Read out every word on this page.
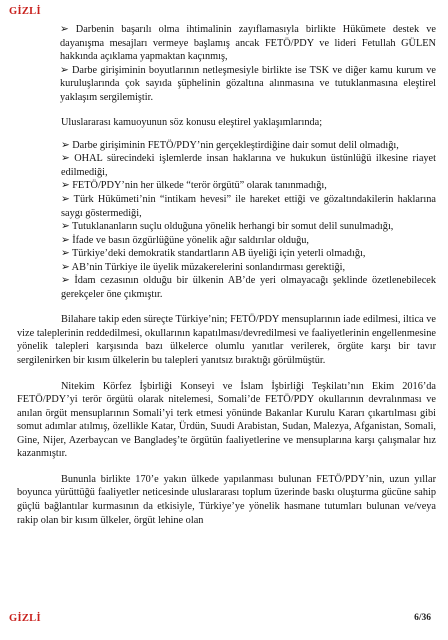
GİZLİ

➢ Darbenin başarılı olma ihtimalinin zayıflamasıyla birlikte Hükümete destek ve dayanışma mesajları vermeye başlamış ancak FETÖ/PDY ve lideri Fetullah GÜLEN hakkında açıklama yapmaktan kaçınmış,

➢ Darbe girişiminin boyutlarının netleşmesiyle birlikte ise TSK ve diğer kamu kurum ve kuruluşlarında çok sayıda şüphelinin gözaltına alınmasına ve tutuklanmasına eleştirel yaklaşım sergilemiştir.

Uluslararası kamuoyunun söz konusu eleştirel yaklaşımlarında;

➢ Darbe girişiminin FETÖ/PDY’nin gerçekleştirdiğine dair somut delil olmadığı,

➢ OHAL sürecindeki işlemlerde insan haklarına ve hukukun üstünlüğü ilkesine riayet edilmediği,

➢ FETÖ/PDY’nin her ülkede “terör örgütü” olarak tanınmadığı,

➢ Türk Hükümeti’nin “intikam hevesi” ile hareket ettiği ve gözaltındakilerin haklarına saygı göstermediği,

➢ Tutuklananların suçlu olduğuna yönelik herhangi bir somut delil sunulmadığı,

➢ İfade ve basın özgürlüğüne yönelik ağır saldırılar olduğu,

➢ Türkiye’deki demokratik standartların AB üyeliği için yeterli olmadığı,

➢ AB’nin Türkiye ile üyelik müzakerelerini sonlandırması gerektiği,

➢ İdam cezasının olduğu bir ülkenin AB’de yeri olmayacağı şeklinde özetlenebilecek gerekçeler öne çıkmıştır.

Bilahare takip eden süreçte Türkiye’nin; FETÖ/PDY mensuplarının iade edilmesi, iltica ve vize taleplerinin reddedilmesi, okullarının kapatılması/devredilmesi ve faaliyetlerinin engellenmesine yönelik talepleri karşısında bazı ülkelerce olumlu yanıtlar verilerek, örgüte karşı bir tavır sergilenirken bir kısım ülkelerin bu talepleri yanıtsız bıraktığı görülmüştür.

Nitekim Körfez İşbirliği Konseyi ve İslam İşbirliği Teşkilatı’nın Ekim 2016’da FETÖ/PDY’yi terör örgütü olarak nitelemesi, Somali’de FETÖ/PDY okullarının devralınması ve anılan örgüt mensuplarının Somali’yi terk etmesi yönünde Bakanlar Kurulu Kararı çıkartılması gibi somut adımlar atılmış, özellikle Katar, Ürdün, Suudi Arabistan, Sudan, Malezya, Afganistan, Somali, Gine, Nijer, Azerbaycan ve Bangladeş’te örgütün faaliyetlerine ve mensuplarına karşı çalışmalar hız kazanmıştır.

Bununla birlikte 170’e yakın ülkede yapılanması bulunan FETÖ/PDY’nin, uzun yıllar boyunca yürüttüğü faaliyetler neticesinde uluslararası toplum üzerinde baskı oluşturma gücüne sahip güçlü bağlantılar kurmasının da etkisiyle, Türkiye’ye yönelik hasmane tutumları bulunan ve/veya rakip olan bir kısım ülkeler, örgüt lehine olan

GİZLİ	6/36
